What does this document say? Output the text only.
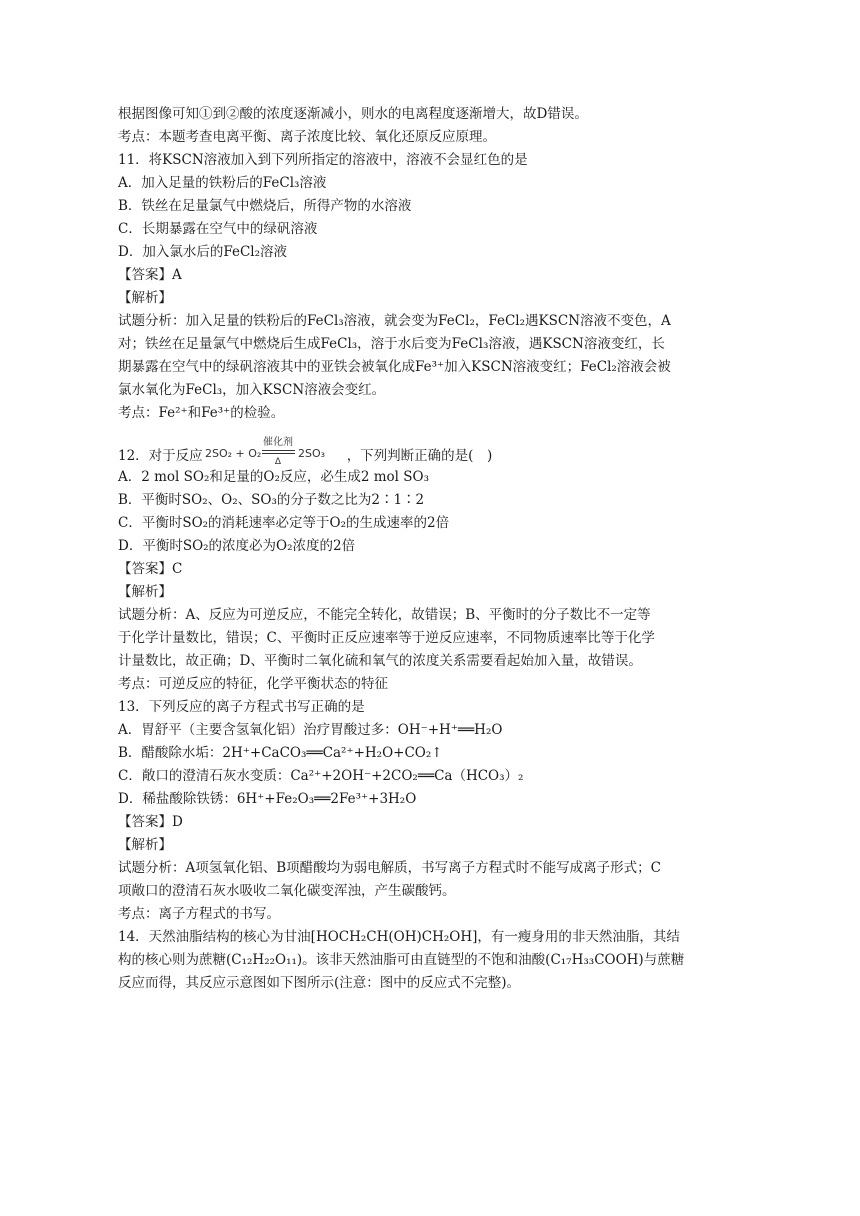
根据图像可知①到②酸的浓度逐渐减小，则水的电离程度逐渐增大，故D错误。
考点：本题考查电离平衡、离子浓度比较、氧化还原反应原理。
11．将KSCN溶液加入到下列所指定的溶液中，溶液不会显红色的是
A．加入足量的铁粉后的FeCl₃溶液
B．铁丝在足量氯气中燃烧后，所得产物的水溶液
C．长期暴露在空气中的绿矾溶液
D．加入氯水后的FeCl₂溶液
【答案】A
【解析】
试题分析：加入足量的铁粉后的FeCl₃溶液，就会变为FeCl₂，FeCl₂遇KSCN溶液不变色，A
对；铁丝在足量氯气中燃烧后生成FeCl₃，溶于水后变为FeCl₃溶液，遇KSCN溶液变红，长
期暴露在空气中的绿矾溶液其中的亚铁会被氧化成Fe³⁺加入KSCN溶液变红；FeCl₂溶液会被
氯水氧化为FeCl₃，加入KSCN溶液会变红。
考点：Fe²⁺和Fe³⁺的检验。
12．对于反应 2SO₂ + O₂
催化剂
Δ
2SO₃ ，下列判断正确的是(　)
A．2 mol SO₂和足量的O₂反应，必生成2 mol SO₃
B．平衡时SO₂、O₂、SO₃的分子数之比为2∶1∶2
C．平衡时SO₂的消耗速率必定等于O₂的生成速率的2倍
D．平衡时SO₂的浓度必为O₂浓度的2倍
【答案】C
【解析】
试题分析：A、反应为可逆反应，不能完全转化，故错误；B、平衡时的分子数比不一定等
于化学计量数比，错误；C、平衡时正反应速率等于逆反应速率，不同物质速率比等于化学
计量数比，故正确；D、平衡时二氧化硫和氧气的浓度关系需要看起始加入量，故错误。
考点：可逆反应的特征，化学平衡状态的特征
13．下列反应的离子方程式书写正确的是
A．胃舒平（主要含氢氧化铝）治疗胃酸过多：OH⁻+H⁺══H₂O
B．醋酸除水垢：2H⁺+CaCO₃══Ca²⁺+H₂O+CO₂↑
C．敞口的澄清石灰水变质：Ca²⁺+2OH⁻+2CO₂══Ca（HCO₃）₂
D．稀盐酸除铁锈：6H⁺+Fe₂O₃══2Fe³⁺+3H₂O
【答案】D
【解析】
试题分析：A项氢氧化铝、B项醋酸均为弱电解质，书写离子方程式时不能写成离子形式；C
项敞口的澄清石灰水吸收二氧化碳变浑浊，产生碳酸钙。
考点：离子方程式的书写。
14．天然油脂结构的核心为甘油[HOCH₂CH(OH)CH₂OH]，有一瘦身用的非天然油脂，其结
构的核心则为蔗糖(C₁₂H₂₂O₁₁)。该非天然油脂可由直链型的不饱和油酸(C₁₇H₃₃COOH)与蔗糖
反应而得，其反应示意图如下图所示(注意：图中的反应式不完整)。
